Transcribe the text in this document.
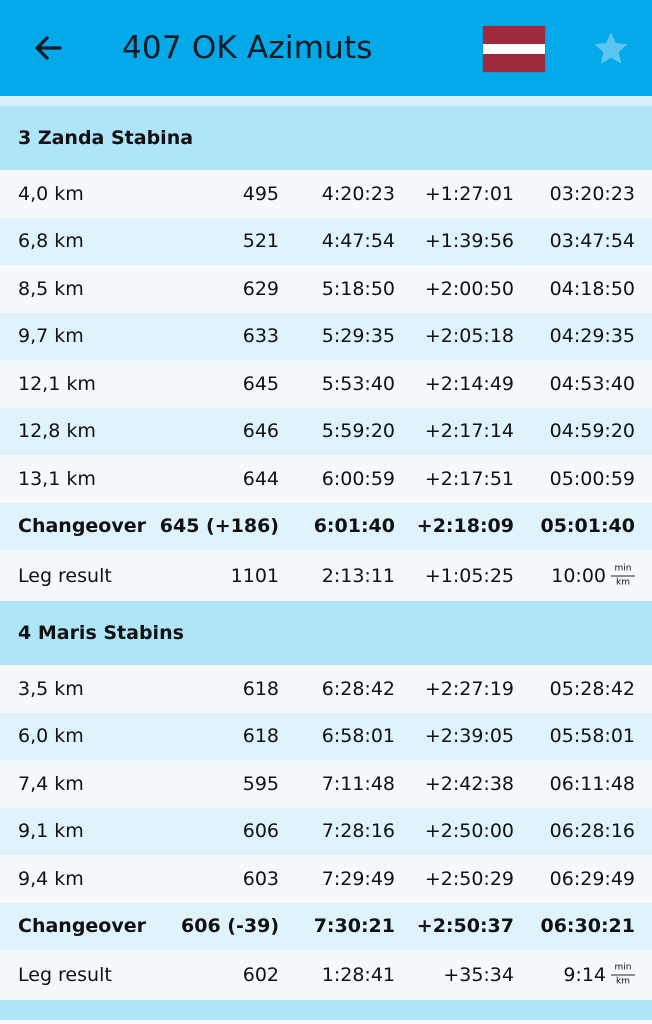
407 OK Azimuts
3 Zanda Stabina
4,0 km	495 4:20:23 +1:27:01 03:20:23
6,8 km	521 4:47:54 +1:39:56 03:47:54
8,5 km	629 5:18:50 +2:00:50 04:18:50
9,7 km	633 5:29:35 +2:05:18 04:29:35
12,1 km	645 5:53:40 +2:14:49 04:53:40
12,8 km	646 5:59:20 +2:17:14 04:59:20
13,1 km	644 6:00:59 +2:17:51 05:00:59
Changeover 645 (+186) 6:01:40 +2:18:09 05:01:40
Leg result	1101 2:13:11 +1:05:25 10:00 $\frac{\min}{km}$
4 Maris Stabins
3,5 km	618 6:28:42 +2:27:19 05:28:42
6,0 km	618 6:58:01 +2:39:05 05:58:01
7,4 km	595 7:11:48 +2:42:38 06:11:48
9,1 km	606 7:28:16 +2:50:00 06:28:16
9,4 km	603 7:29:49 +2:50:29 06:29:49
Changeover 606 (-39) 7:30:21 +2:50:37 06:30:21
Leg result	602 1:28:41	+35:34	9:14 $\frac{\min}{km}$
